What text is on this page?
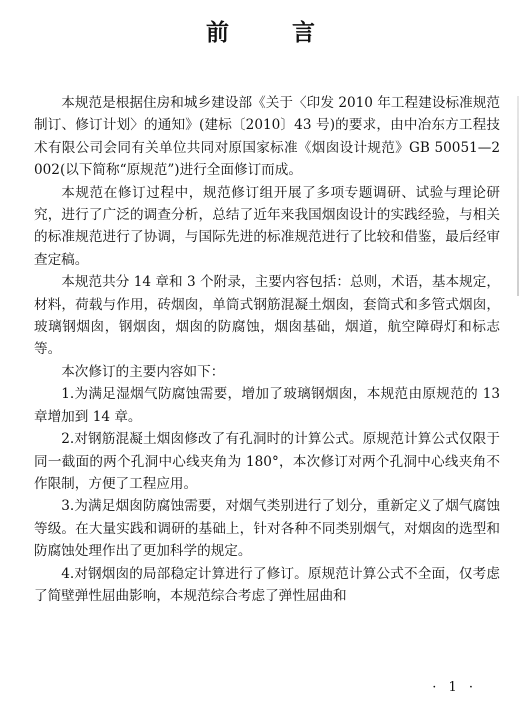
前　言

本规范是根据住房和城乡建设部《关于〈印发 2010 年工程建设标准规范制订、修订计划〉的通知》(建标〔2010〕43 号)的要求，由中冶东方工程技术有限公司会同有关单位共同对原国家标准《烟囱设计规范》GB 50051—2002(以下简称“原规范”)进行全面修订而成。

本规范在修订过程中，规范修订组开展了多项专题调研、试验与理论研究，进行了广泛的调查分析，总结了近年来我国烟囱设计的实践经验，与相关的标准规范进行了协调，与国际先进的标准规范进行了比较和借鉴，最后经审查定稿。

本规范共分 14 章和 3 个附录，主要内容包括：总则，术语，基本规定，材料，荷载与作用，砖烟囱，单筒式钢筋混凝土烟囱，套筒式和多管式烟囱，玻璃钢烟囱，钢烟囱，烟囱的防腐蚀，烟囱基础，烟道，航空障碍灯和标志等。

本次修订的主要内容如下：

1.为满足湿烟气防腐蚀需要，增加了玻璃钢烟囱，本规范由原规范的 13 章增加到 14 章。

2.对钢筋混凝土烟囱修改了有孔洞时的计算公式。原规范计算公式仅限于同一截面的两个孔洞中心线夹角为 180°，本次修订对两个孔洞中心线夹角不作限制，方便了工程应用。

3.为满足烟囱防腐蚀需要，对烟气类别进行了划分，重新定义了烟气腐蚀等级。在大量实践和调研的基础上，针对各种不同类别烟气，对烟囱的选型和防腐蚀处理作出了更加科学的规定。

4.对钢烟囱的局部稳定计算进行了修订。原规范计算公式不全面，仅考虑了简壁弹性屈曲影响，本规范综合考虑了弹性屈曲和

· 1 ·
